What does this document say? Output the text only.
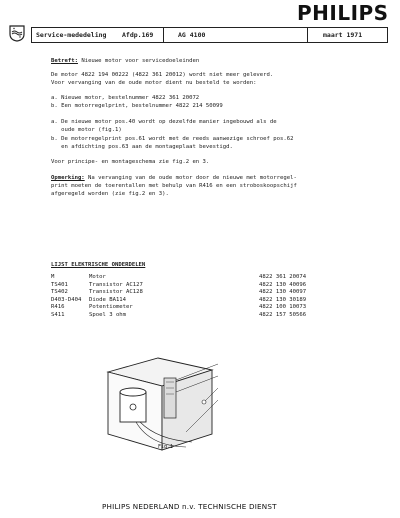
PHILIPS
Service-mededeling Afdp.169	AG 4100	maart 1971
Betreft: Nieuwe motor voor servicedoeleinden
De motor 4822 194 00222 (4822 361 20012) wordt niet meer geleverd.
Voor vervanging van de oude motor dient nu besteld te worden:
a. Nieuwe motor, bestelnummer 4822 361 20072
b. Een motorregelprint, bestelnummer 4822 214 50099
a. De nieuwe motor pos.40 wordt op dezelfde manier ingebouwd als de
oude motor (fig.1)
b. De motorregelprint pos.61 wordt met de reeds aanwezige schroef pos.62
en afdichting pos.63 aan de montageplaat bevestigd.
Voor principe- en montageschema zie fig.2 en 3.
Opmerking: Na vervanging van de oude motor door de nieuwe met motorregel-
print moeten de toerentallen met behulp van R416 en een stroboskoopschijf
afgeregeld worden (zie fig.2 en 3).
LIJST ELEKTRISCHE ONDERDELEN
M	Motor	4822 361 20074
TS401	Transistor AC127	4822 130 40096
TS402	Transistor AC128	4822 130 40097
D403-D404	Diode BA114	4822 130 30189
R416	Potentiometer	4822 100 10073
S411	Spoel 3 ohm	4822 157 50566
Fig.1
PHILIPS NEDERLAND n.v. TECHNISCHE DIENST
